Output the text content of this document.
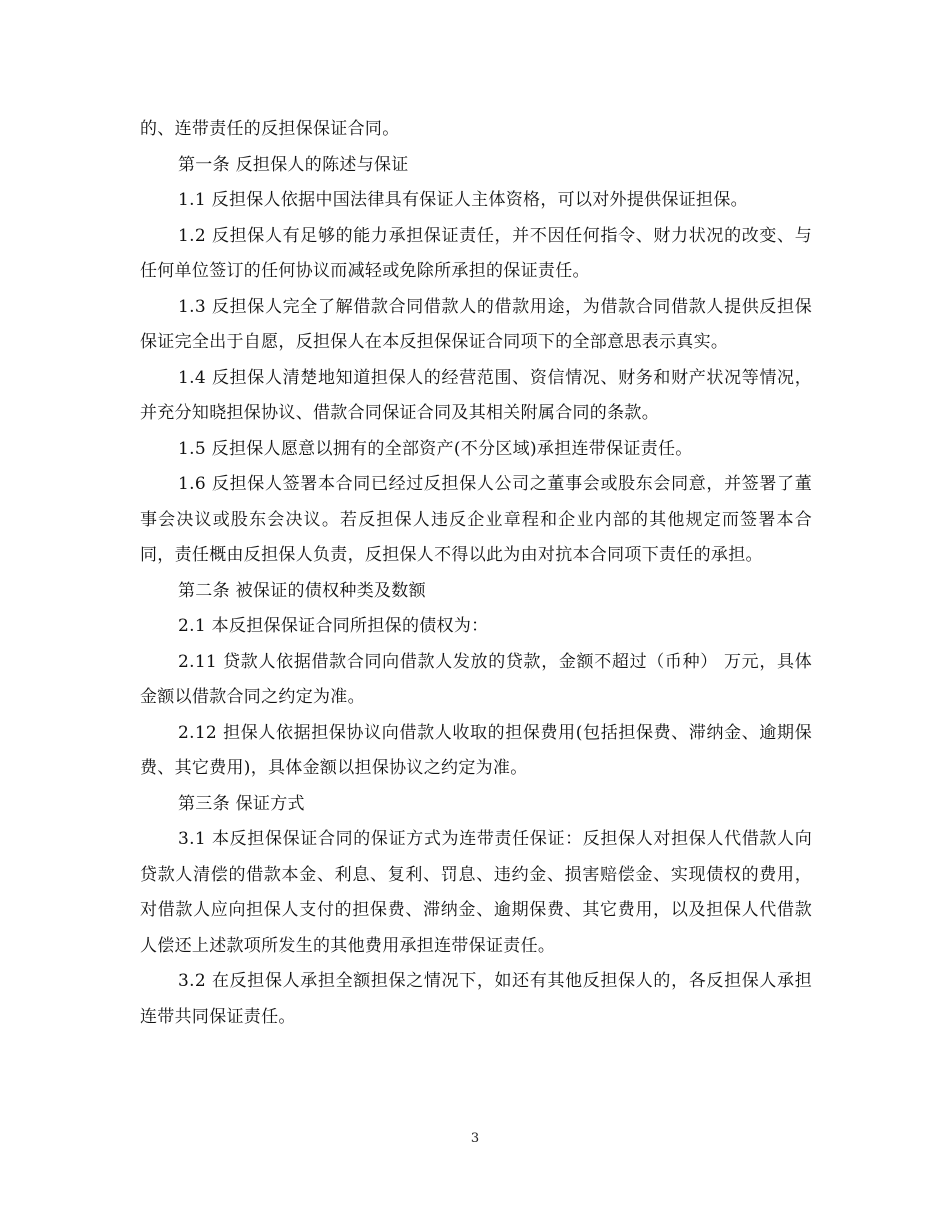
的、连带责任的反担保保证合同。

第一条 反担保人的陈述与保证

1.1 反担保人依据中国法律具有保证人主体资格，可以对外提供保证担保。

1.2 反担保人有足够的能力承担保证责任，并不因任何指令、财力状况的改变、与任何单位签订的任何协议而减轻或免除所承担的保证责任。

1.3 反担保人完全了解借款合同借款人的借款用途，为借款合同借款人提供反担保保证完全出于自愿，反担保人在本反担保保证合同项下的全部意思表示真实。

1.4 反担保人清楚地知道担保人的经营范围、资信情况、财务和财产状况等情况，并充分知晓担保协议、借款合同保证合同及其相关附属合同的条款。

1.5 反担保人愿意以拥有的全部资产(不分区域)承担连带保证责任。

1.6 反担保人签署本合同已经过反担保人公司之董事会或股东会同意，并签署了董事会决议或股东会决议。若反担保人违反企业章程和企业内部的其他规定而签署本合同，责任概由反担保人负责，反担保人不得以此为由对抗本合同项下责任的承担。

第二条 被保证的债权种类及数额

2.1 本反担保保证合同所担保的债权为：

2.11 贷款人依据借款合同向借款人发放的贷款，金额不超过（币种） 万元，具体金额以借款合同之约定为准。

2.12 担保人依据担保协议向借款人收取的担保费用(包括担保费、滞纳金、逾期保费、其它费用)，具体金额以担保协议之约定为准。

第三条 保证方式

3.1 本反担保保证合同的保证方式为连带责任保证：反担保人对担保人代借款人向贷款人清偿的借款本金、利息、复利、罚息、违约金、损害赔偿金、实现债权的费用，对借款人应向担保人支付的担保费、滞纳金、逾期保费、其它费用，以及担保人代借款人偿还上述款项所发生的其他费用承担连带保证责任。

3.2 在反担保人承担全额担保之情况下，如还有其他反担保人的，各反担保人承担连带共同保证责任。

3
